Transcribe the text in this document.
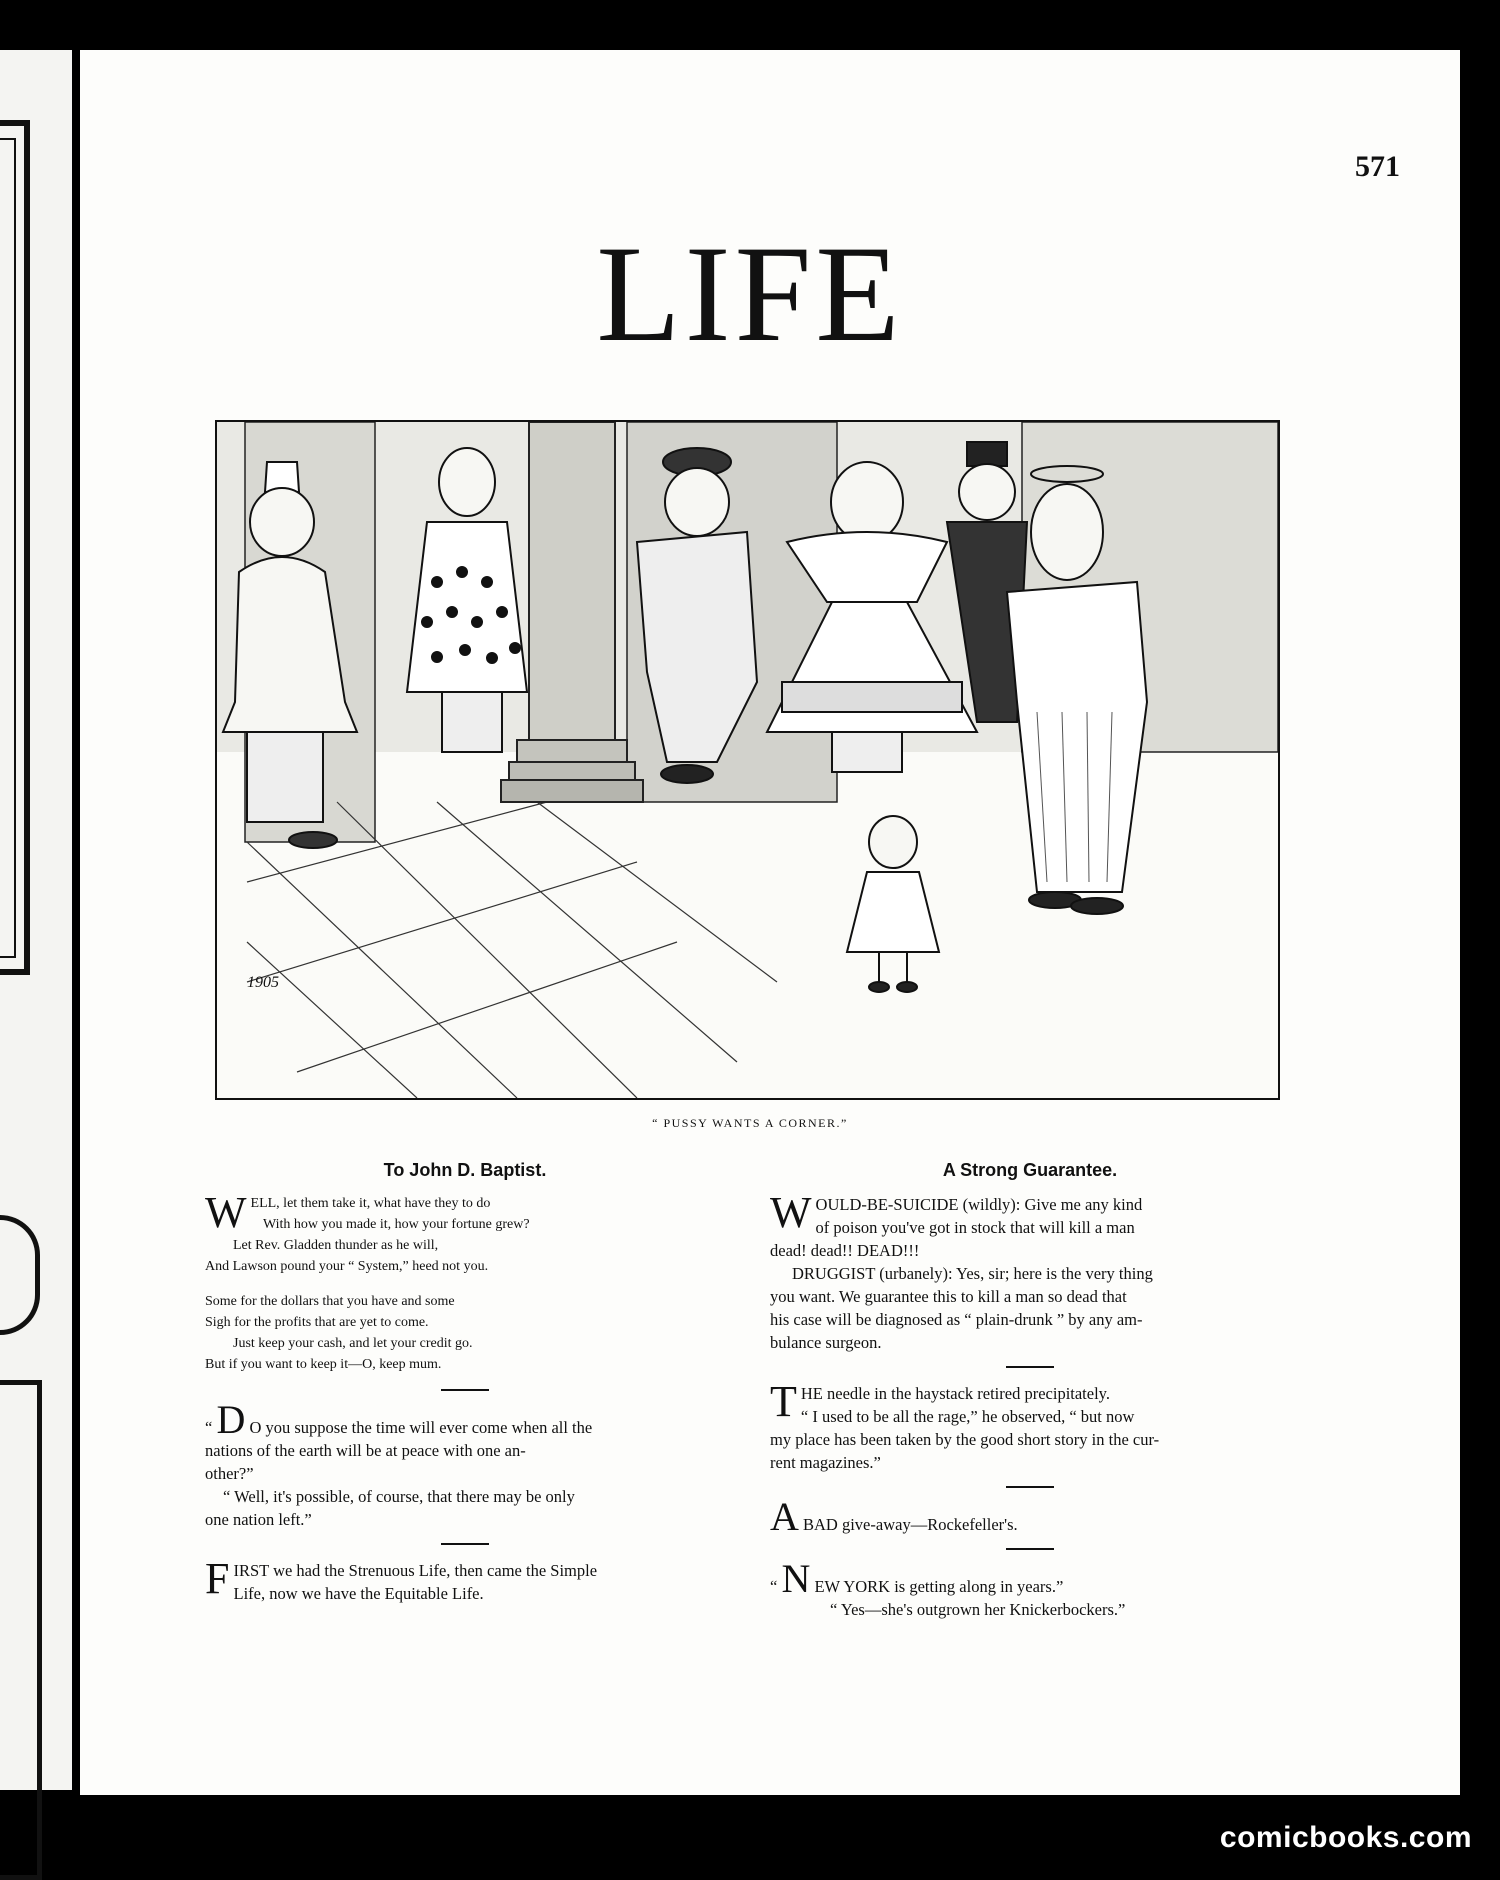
571
LIFE
1905
“ PUSSY WANTS A CORNER.”
To John D. Baptist.
W ELL, let them take it, what have they to do
With how you made it, how your fortune grew?
Let Rev. Gladden thunder as he will,
And Lawson pound your “ System,” heed not you.
Some for the dollars that you have and some
Sigh for the profits that are yet to come.
Just keep your cash, and let your credit go.
But if you want to keep it—O, keep mum.
“ D O you suppose the time will ever come when all the
nations of the earth will be at peace with one an-
other?”
“ Well, it's possible, of course, that there may be only
one nation left.”
F IRST we had the Strenuous Life, then came the Simple
Life, now we have the Equitable Life.
A Strong Guarantee.
W OULD-BE-SUICIDE (wildly): Give me any kind
of poison you've got in stock that will kill a man
dead! dead!! DEAD!!!
DRUGGIST (urbanely): Yes, sir; here is the very thing
you want. We guarantee this to kill a man so dead that
his case will be diagnosed as “ plain-drunk ” by any am-
bulance surgeon.
T HE needle in the haystack retired precipitately.
“ I used to be all the rage,” he observed, “ but now
my place has been taken by the good short story in the cur-
rent magazines.”
A BAD give-away—Rockefeller's.
“ N EW YORK is getting along in years.”
“ Yes—she's outgrown her Knickerbockers.”
comicbooks.com
